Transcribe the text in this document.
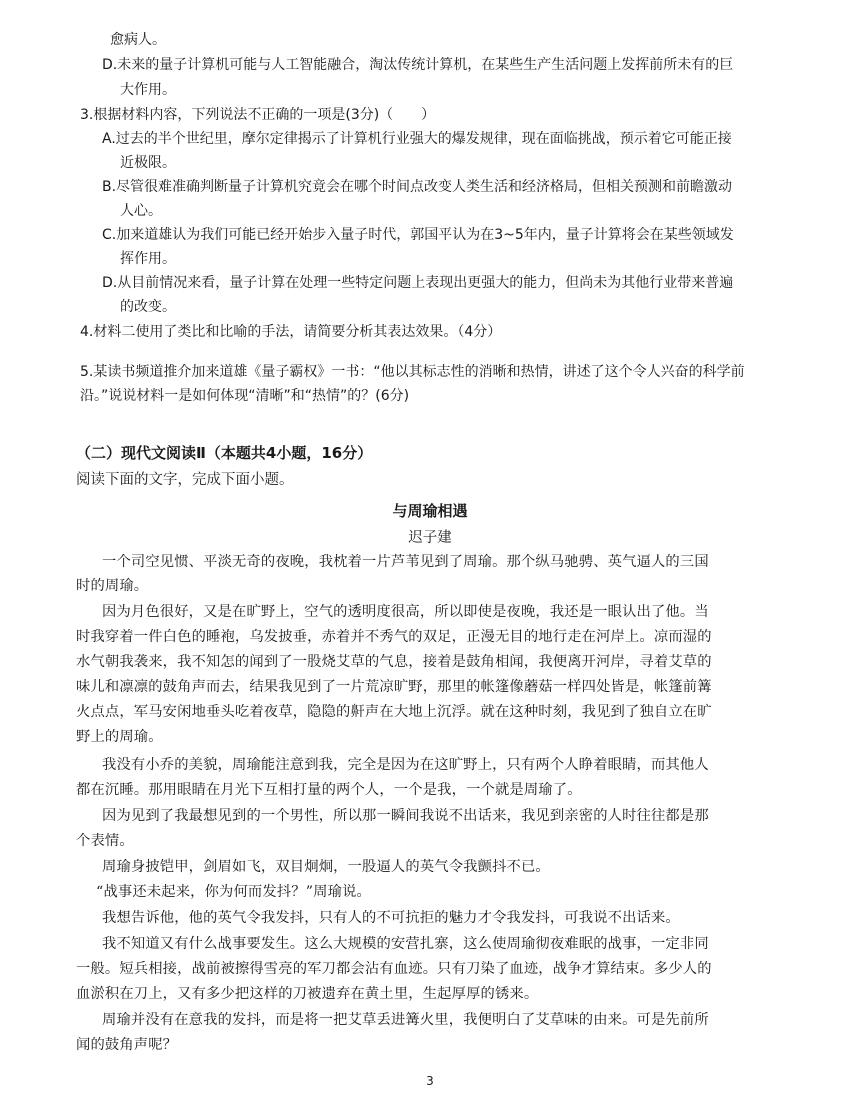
愈病人。
D.未来的量子计算机可能与人工智能融合，淘汰传统计算机，在某些生产生活问题上发挥前所未有的巨
大作用。
3.根据材料内容，下列说法不正确的一项是(3分)（　　）
A.过去的半个世纪里，摩尔定律揭示了计算机行业强大的爆发规律，现在面临挑战，预示着它可能正接
近极限。
B.尽管很难准确判断量子计算机究竟会在哪个时间点改变人类生活和经济格局，但相关预测和前瞻激动
人心。
C.加来道雄认为我们可能已经开始步入量子时代，郭国平认为在3~5年内，量子计算将会在某些领域发
挥作用。
D.从目前情况来看，量子计算在处理一些特定问题上表现出更强大的能力，但尚未为其他行业带来普遍
的改变。
4.材料二使用了类比和比喻的手法，请简要分析其表达效果。（4分）
5.某读书频道推介加来道雄《量子霸权》一书：“他以其标志性的消晰和热情，讲述了这个令人兴奋的科学前
沿。”说说材料一是如何体现“清晰”和“热情”的？(6分)
（二）现代文阅读Ⅱ（本题共4小题，16分）
阅读下面的文字，完成下面小题。
与周瑜相遇
迟子建
一个司空见惯、平淡无奇的夜晚，我枕着一片芦苇见到了周瑜。那个纵马驰骋、英气逼人的三国
时的周瑜。
因为月色很好，又是在旷野上，空气的透明度很高，所以即使是夜晚，我还是一眼认出了他。当
时我穿着一件白色的睡袍，乌发披垂，赤着并不秀气的双足，正漫无目的地行走在河岸上。凉而湿的
水气朝我袭来，我不知怎的闻到了一股烧艾草的气息，接着是鼓角相闻，我便离开河岸，寻着艾草的
味儿和凛凛的鼓角声而去，结果我见到了一片荒凉旷野，那里的帐篷像蘑菇一样四处皆是，帐篷前篝
火点点，军马安闲地垂头吃着夜草，隐隐的鼾声在大地上沉浮。就在这种时刻，我见到了独自立在旷
野上的周瑜。
我没有小乔的美貌，周瑜能注意到我，完全是因为在这旷野上，只有两个人睁着眼睛，而其他人
都在沉睡。那用眼睛在月光下互相打量的两个人，一个是我，一个就是周瑜了。
因为见到了我最想见到的一个男性，所以那一瞬间我说不出话来，我见到亲密的人时往往都是那
个表情。
周瑜身披铠甲，剑眉如飞，双目炯炯，一股逼人的英气令我颤抖不已。
“战事还未起来，你为何而发抖？”周瑜说。
我想告诉他，他的英气令我发抖，只有人的不可抗拒的魅力才令我发抖，可我说不出话来。
我不知道又有什么战事要发生。这么大规模的安营扎寨，这么使周瑜彻夜难眠的战事，一定非同
一般。短兵相接，战前被擦得雪亮的军刀都会沾有血迹。只有刀染了血迹，战争才算结束。多少人的
血淤积在刀上，又有多少把这样的刀被遗弃在黄土里，生起厚厚的锈来。
周瑜并没有在意我的发抖，而是将一把艾草丢进篝火里，我便明白了艾草味的由来。可是先前所
闻的鼓角声呢？
3
